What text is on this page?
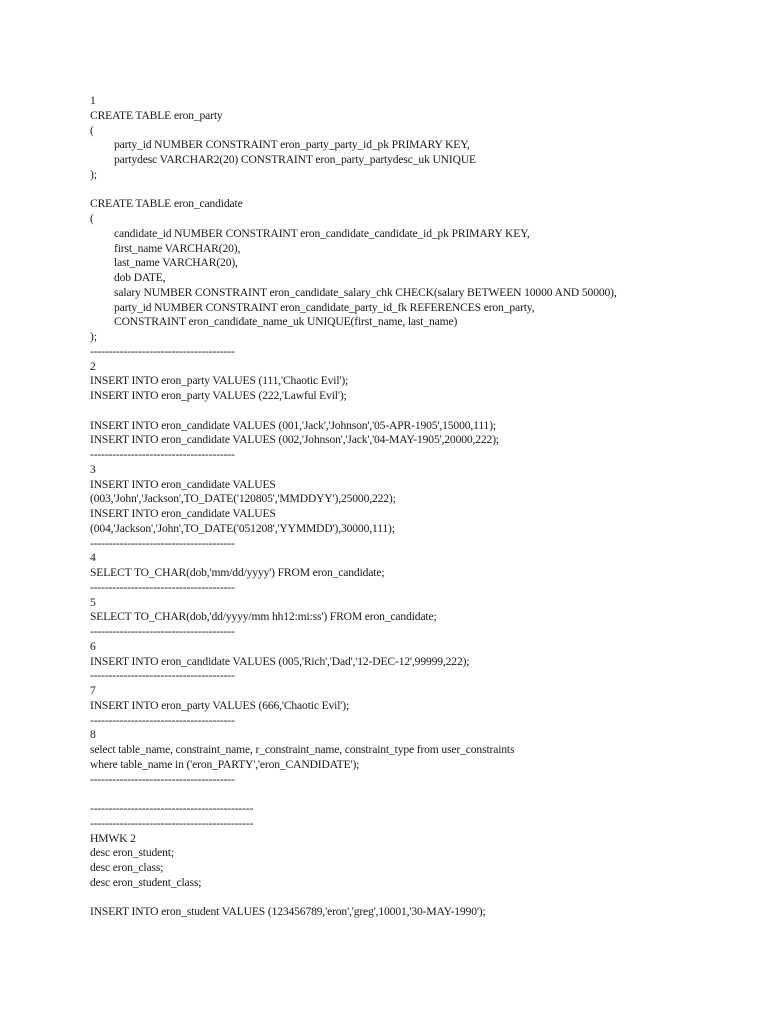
1
CREATE TABLE eron_party
(
party_id NUMBER CONSTRAINT eron_party_party_id_pk PRIMARY KEY,
partydesc VARCHAR2(20) CONSTRAINT eron_party_partydesc_uk UNIQUE
);
CREATE TABLE eron_candidate
(
candidate_id NUMBER CONSTRAINT eron_candidate_candidate_id_pk PRIMARY KEY,
first_name VARCHAR(20),
last_name VARCHAR(20),
dob DATE,
salary NUMBER CONSTRAINT eron_candidate_salary_chk CHECK(salary BETWEEN 10000 AND 50000),
party_id NUMBER CONSTRAINT eron_candidate_party_id_fk REFERENCES eron_party,
CONSTRAINT eron_candidate_name_uk UNIQUE(first_name, last_name)
);
---------------------------------------
2
INSERT INTO eron_party VALUES (111,'Chaotic Evil');
INSERT INTO eron_party VALUES (222,'Lawful Evil');
INSERT INTO eron_candidate VALUES (001,'Jack','Johnson','05-APR-1905',15000,111);
INSERT INTO eron_candidate VALUES (002,'Johnson','Jack','04-MAY-1905',20000,222);
---------------------------------------
3
INSERT INTO eron_candidate VALUES
(003,'John','Jackson',TO_DATE('120805','MMDDYY'),25000,222);
INSERT INTO eron_candidate VALUES
(004,'Jackson','John',TO_DATE('051208','YYMMDD'),30000,111);
---------------------------------------
4
SELECT TO_CHAR(dob,'mm/dd/yyyy') FROM eron_candidate;
---------------------------------------
5
SELECT TO_CHAR(dob,'dd/yyyy/mm hh12:mi:ss') FROM eron_candidate;
---------------------------------------
6
INSERT INTO eron_candidate VALUES (005,'Rich','Dad','12-DEC-12',99999,222);
---------------------------------------
7
INSERT INTO eron_party VALUES (666,'Chaotic Evil');
---------------------------------------
8
select table_name, constraint_name, r_constraint_name, constraint_type from user_constraints
where table_name in ('eron_PARTY','eron_CANDIDATE');
---------------------------------------
--------------------------------------------
--------------------------------------------
HMWK 2
desc eron_student;
desc eron_class;
desc eron_student_class;
INSERT INTO eron_student VALUES (123456789,'eron','greg',10001,'30-MAY-1990');
